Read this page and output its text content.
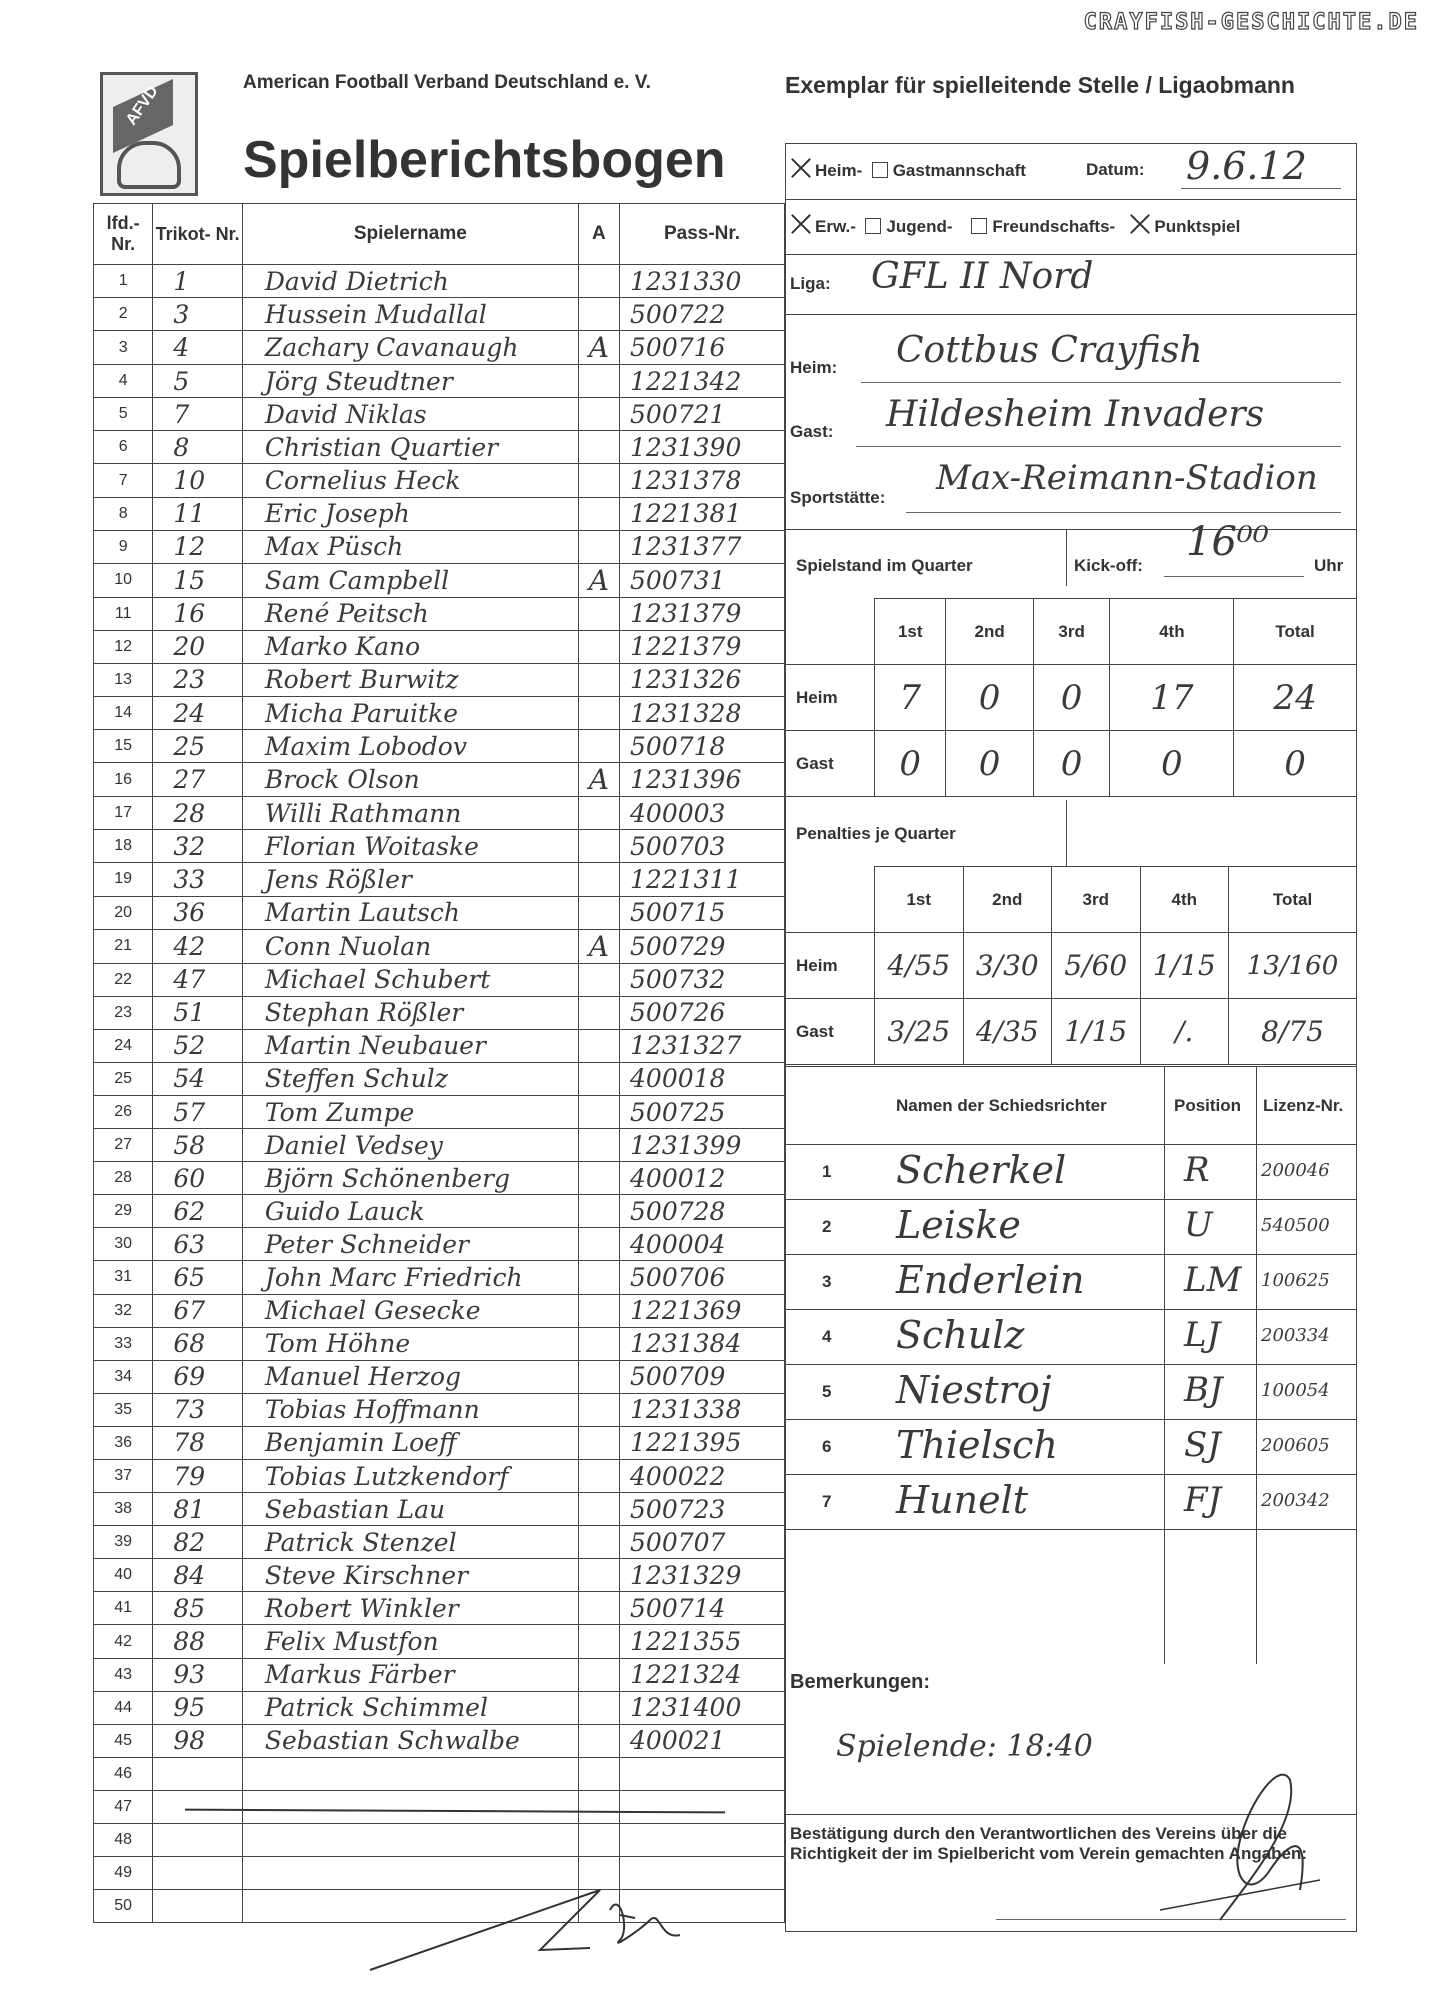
CRAYFISH-GESCHICHTE.DE
AFVD
American Football Verband Deutschland e. V.	Exemplar für spielleitende Stelle / Ligaobmann
Spielberichtsbogen
lfd.- Nr.	Trikot- Nr.	Spielername	A	Pass-Nr.
1	1	David Dietrich		1231330

2	3	Hussein Mudallal		500722

3	4	Zachary Cavanaugh	A	500716

4	5	Jörg Steudtner		1221342

5	7	David Niklas		500721

6	8	Christian Quartier		1231390

7	10	Cornelius Heck		1231378

8	11	Eric Joseph		1221381

9	12	Max Püsch		1231377

10	15	Sam Campbell	A	500731

11	16	René Peitsch		1231379

12	20	Marko Kano		1221379

13	23	Robert Burwitz		1231326

14	24	Micha Paruitke		1231328

15	25	Maxim Lobodov		500718

16	27	Brock Olson	A	1231396

17	28	Willi Rathmann		400003

18	32	Florian Woitaske		500703

19	33	Jens Rößler		1221311

20	36	Martin Lautsch		500715

21	42	Conn Nuolan	A	500729

22	47	Michael Schubert		500732

23	51	Stephan Rößler		500726

24	52	Martin Neubauer		1231327

25	54	Steffen Schulz		400018

26	57	Tom Zumpe		500725

27	58	Daniel Vedsey		1231399

28	60	Björn Schönenberg		400012

29	62	Guido Lauck		500728

30	63	Peter Schneider		400004

31	65	John Marc Friedrich		500706

32	67	Michael Gesecke		1221369

33	68	Tom Höhne		1231384

34	69	Manuel Herzog		500709

35	73	Tobias Hoffmann		1231338

36	78	Benjamin Loeff		1221395

37	79	Tobias Lutzkendorf		400022

38	81	Sebastian Lau		500723

39	82	Patrick Stenzel		500707

40	84	Steve Kirschner		1231329

41	85	Robert Winkler		500714

42	88	Felix Mustfon		1221355

43	93	Markus Färber		1221324

44	95	Patrick Schimmel		1231400

45	98	Sebastian Schwalbe		400021

46	

47	

48	

49	

50	

Heim- Gastmannschaft	Datum: 9.6.12
Erw.- Jugend- Freundschafts- Punktspiel
Liga: GFL II Nord
Heim: Cottbus Crayfish
Gast: Hildesheim Invaders
Sportstätte: Max-Reimann-Stadion
Spielstand im Quarter	Kick-off:
16⁰⁰
Uhr
	1st	2nd	3rd	4th	Total
Heim	7	0	0	17	24
Gast	0	0	0	0	0
Penalties je Quarter
	1st	2nd	3rd	4th	Total
Heim	4/55	3/30	5/60	1/15	13/160
Gast	3/25	4/35	1/15	/.	8/75
Namen der Schiedsrichter	Position Lizenz-Nr.
1 Scherkel	R	200046
2 Leiske	U	540500
3 Enderlein	LM 100625
4 Schulz	LJ 200334
5 Niestroj	BJ 100054
6 Thielsch	SJ 200605
7 Hunelt	FJ 200342
Bemerkungen:
Spielende: 18:40
Bestätigung durch den Verantwortlichen des Vereins über die Richtigkeit der im Spielbericht vom Verein gemachten Angaben:
